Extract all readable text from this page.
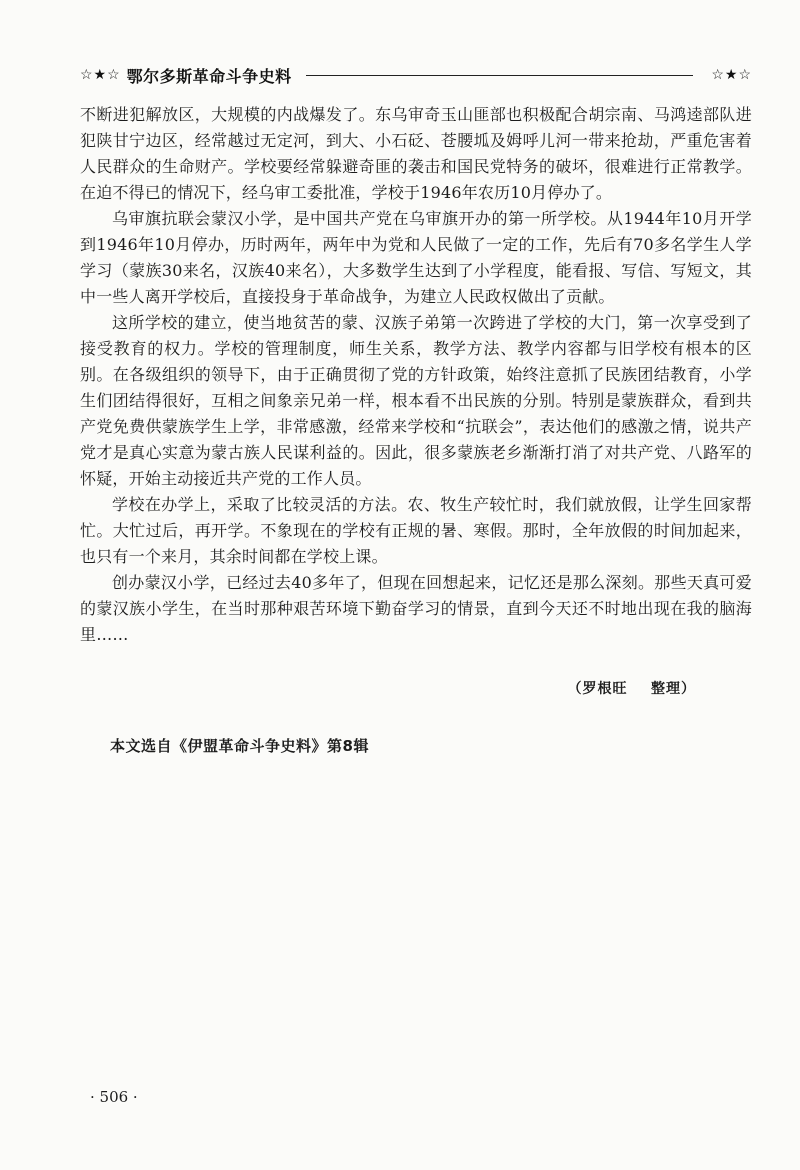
☆★☆ 鄂尔多斯革命斗争史料	☆★☆

不断进犯解放区，大规模的内战爆发了。东乌审奇玉山匪部也积极配合胡宗南、马鸿逵部队进犯陕甘宁边区，经常越过无定河，到大、小石砭、苍腰坬及姆呼儿河一带来抢劫，严重危害着人民群众的生命财产。学校要经常躲避奇匪的袭击和国民党特务的破坏，很难进行正常教学。在迫不得已的情况下，经乌审工委批准，学校于1946年农历10月停办了。

乌审旗抗联会蒙汉小学，是中国共产党在乌审旗开办的第一所学校。从1944年10月开学到1946年10月停办，历时两年，两年中为党和人民做了一定的工作，先后有70多名学生人学学习（蒙族30来名，汉族40来名），大多数学生达到了小学程度，能看报、写信、写短文，其中一些人离开学校后，直接投身于革命战争，为建立人民政权做出了贡献。

这所学校的建立，使当地贫苦的蒙、汉族子弟第一次跨进了学校的大门，第一次享受到了接受教育的权力。学校的管理制度，师生关系，教学方法、教学内容都与旧学校有根本的区别。在各级组织的领导下，由于正确贯彻了党的方针政策，始终注意抓了民族团结教育，小学生们团结得很好，互相之间象亲兄弟一样，根本看不出民族的分别。特别是蒙族群众，看到共产党免费供蒙族学生上学，非常感激，经常来学校和“抗联会”，表达他们的感激之情，说共产党才是真心实意为蒙古族人民谋利益的。因此，很多蒙族老乡渐渐打消了对共产党、八路军的怀疑，开始主动接近共产党的工作人员。

学校在办学上，采取了比较灵活的方法。农、牧生产较忙时，我们就放假，让学生回家帮忙。大忙过后，再开学。不象现在的学校有正规的暑、寒假。那时，全年放假的时间加起来，也只有一个来月，其余时间都在学校上课。

创办蒙汉小学，已经过去40多年了，但现在回想起来，记忆还是那么深刻。那些天真可爱的蒙汉族小学生，在当时那种艰苦环境下勤奋学习的情景，直到今天还不时地出现在我的脑海里……

（罗根旺    整理）
本文选自《伊盟革命斗争史料》第8辑
· 506 ·
